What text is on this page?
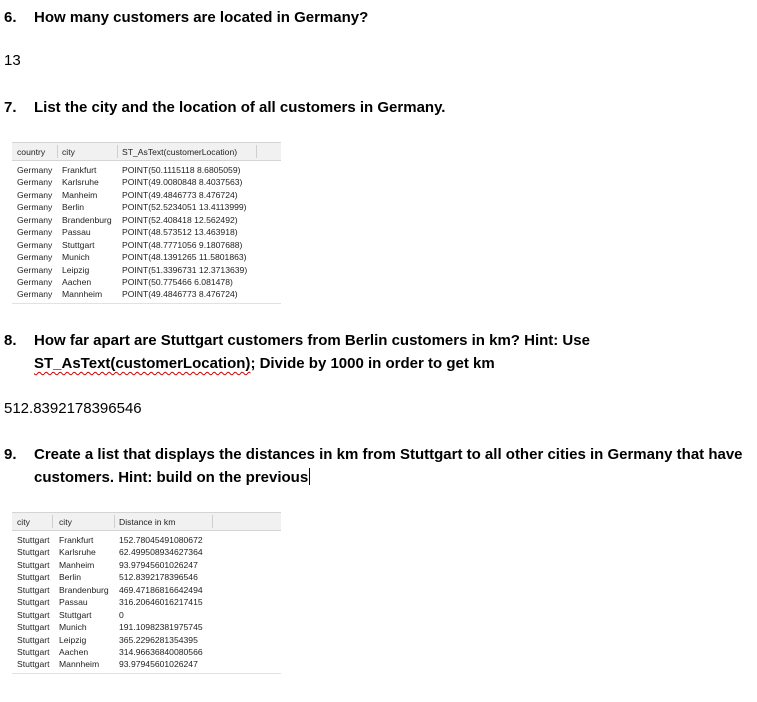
6. How many customers are located in Germany?
13
7. List the city and the location of all customers in Germany.
country city	ST_AsText(customerLocation)
Germany Frankfurt	POINT(50.1115118 8.6805059)
Germany Karlsruhe	POINT(49.0080848 8.4037563)
Germany Manheim	POINT(49.4846773 8.476724)
Germany Berlin	POINT(52.5234051 13.4113999)
Germany Brandenburg POINT(52.408418 12.562492)
Germany Passau	POINT(48.573512 13.463918)
Germany Stuttgart	POINT(48.7771056 9.1807688)
Germany Munich	POINT(48.1391265 11.5801863)
Germany Leipzig	POINT(51.3396731 12.3713639)
Germany Aachen	POINT(50.775466 6.081478)
Germany Mannheim POINT(49.4846773 8.476724)
8. How far apart are Stuttgart customers from Berlin customers in km? Hint: Use
ST_AsText(customerLocation); Divide by 1000 in order to get km
512.8392178396546
9. Create a list that displays the distances in km from Stuttgart to all other cities in Germany that have customers. Hint: build on the previous
city	city	Distance in km
Stuttgart Frankfurt	152.78045491080672
Stuttgart Karlsruhe	62.499508934627364
Stuttgart Manheim	93.97945601026247
Stuttgart Berlin	512.8392178396546
Stuttgart Brandenburg 469.47186816642494
Stuttgart Passau	316.20646016217415
Stuttgart Stuttgart	0
Stuttgart Munich	191.10982381975745
Stuttgart Leipzig	365.2296281354395
Stuttgart Aachen	314.96636840080566
Stuttgart Mannheim 93.97945601026247
